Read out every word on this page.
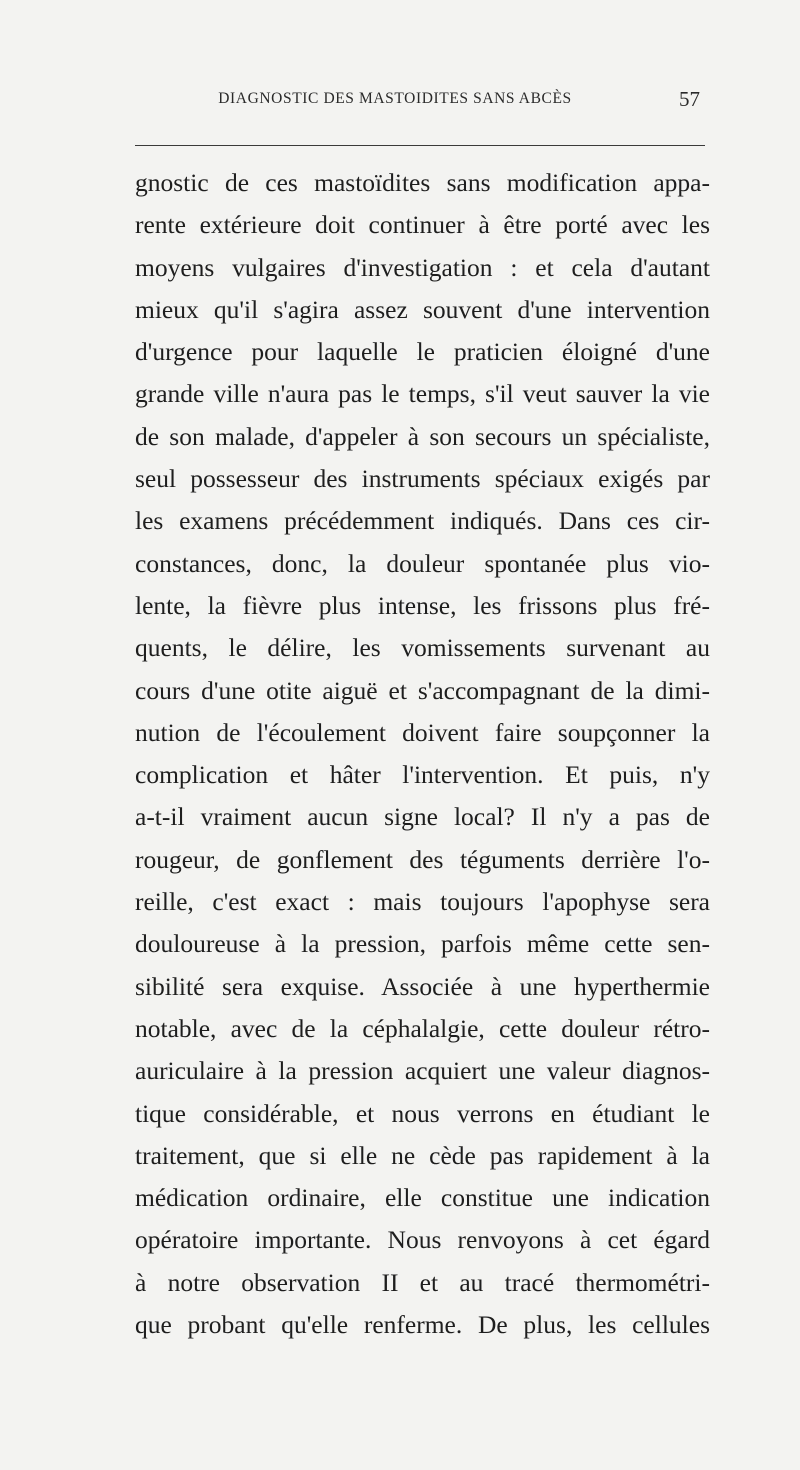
DIAGNOSTIC DES MASTOIDITES SANS ABCÈS	57
gnostic de ces mastoïdites sans modification appa-
rente extérieure doit continuer à être porté avec les
moyens vulgaires d'investigation : et cela d'autant
mieux qu'il s'agira assez souvent d'une intervention
d'urgence pour laquelle le praticien éloigné d'une
grande ville n'aura pas le temps, s'il veut sauver la vie
de son malade, d'appeler à son secours un spécialiste,
seul possesseur des instruments spéciaux exigés par
les examens précédemment indiqués. Dans ces cir-
constances, donc, la douleur spontanée plus vio-
lente, la fièvre plus intense, les frissons plus fré-
quents, le délire, les vomissements survenant au
cours d'une otite aiguë et s'accompagnant de la dimi-
nution de l'écoulement doivent faire soupçonner la
complication et hâter l'intervention. Et puis, n'y
a-t-il vraiment aucun signe local? Il n'y a pas de
rougeur, de gonflement des téguments derrière l'o-
reille, c'est exact : mais toujours l'apophyse sera
douloureuse à la pression, parfois même cette sen-
sibilité sera exquise. Associée à une hyperthermie
notable, avec de la céphalalgie, cette douleur rétro-
auriculaire à la pression acquiert une valeur diagnos-
tique considérable, et nous verrons en étudiant le
traitement, que si elle ne cède pas rapidement à la
médication ordinaire, elle constitue une indication
opératoire importante. Nous renvoyons à cet égard
à notre observation II et au tracé thermométri-
que probant qu'elle renferme. De plus, les cellules
